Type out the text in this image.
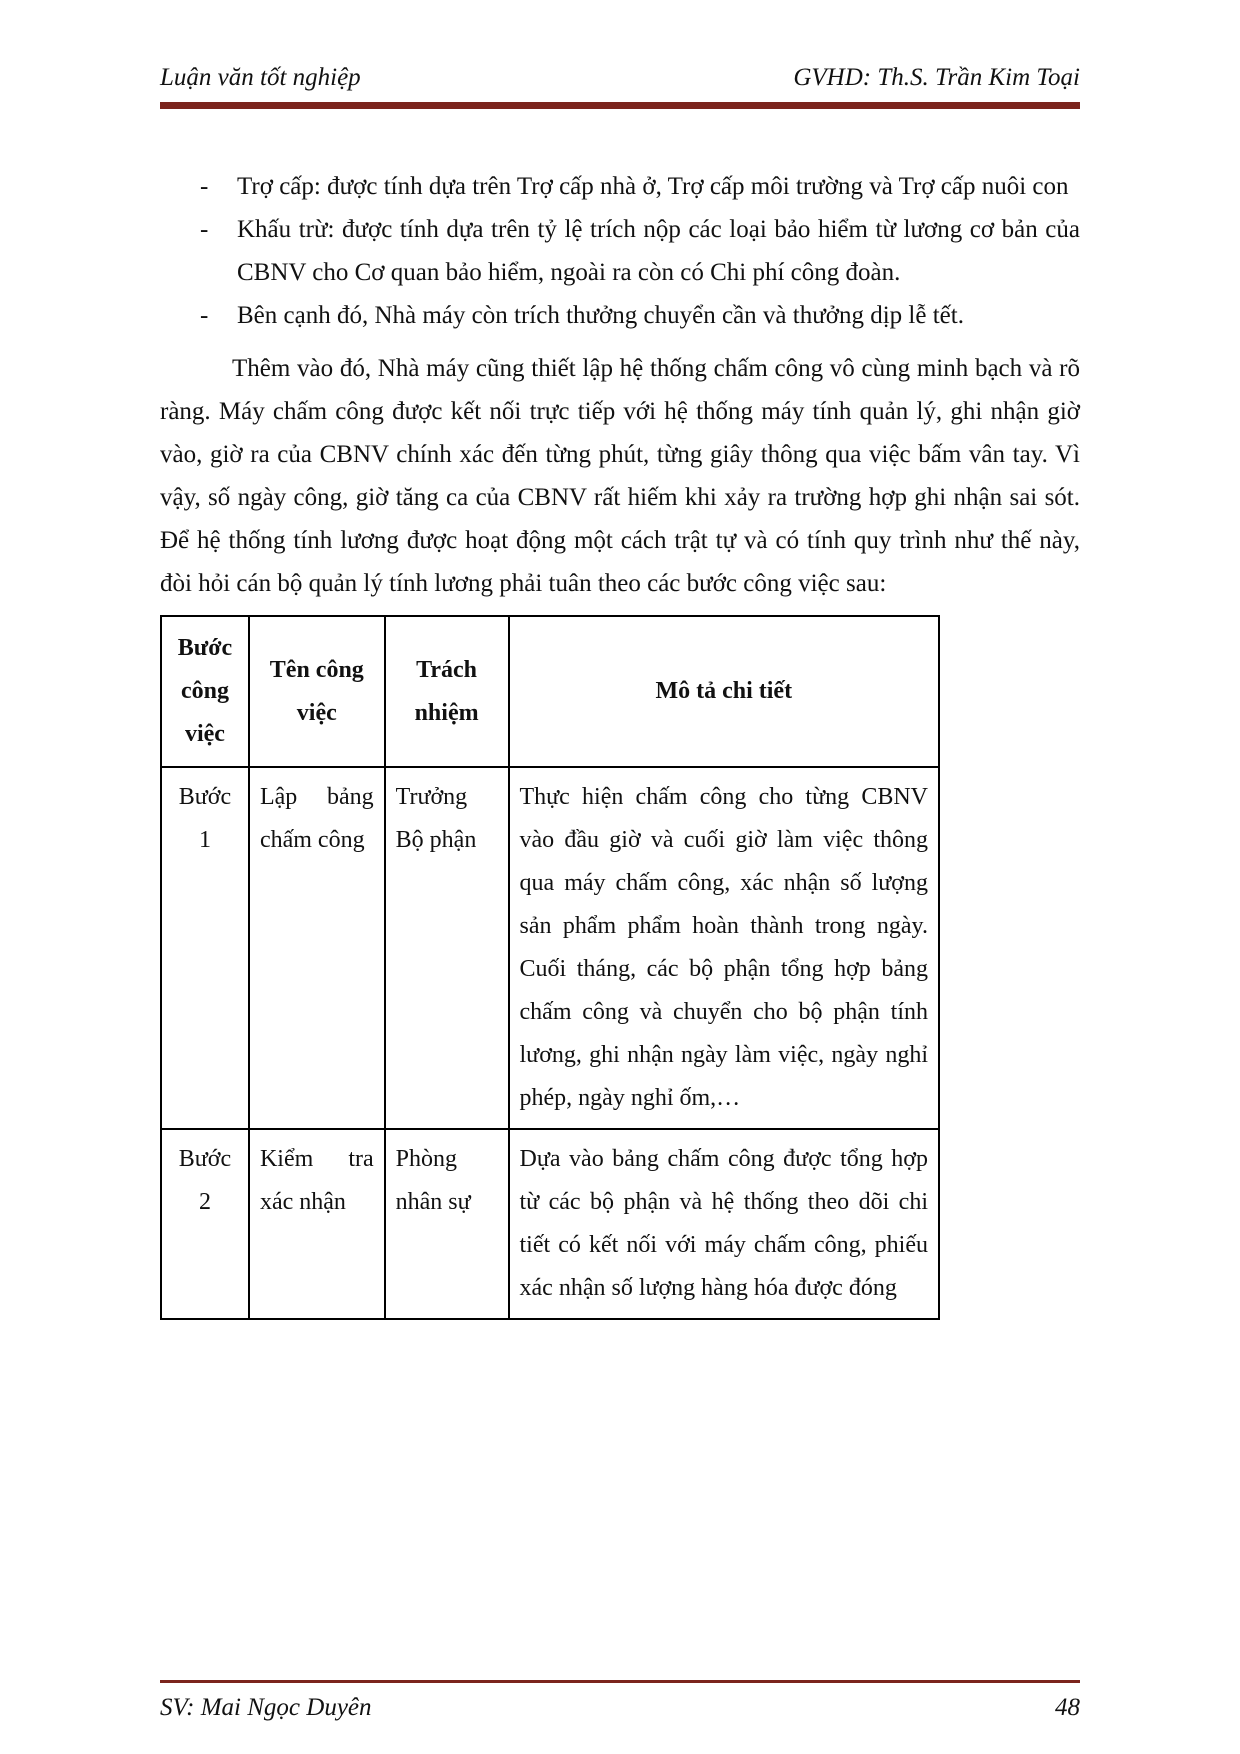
Luận văn tốt nghiệp	GVHD: Th.S. Trần Kim Toại
- Trợ cấp: được tính dựa trên Trợ cấp nhà ở, Trợ cấp môi trường và Trợ cấp nuôi con
- Khấu trừ: được tính dựa trên tỷ lệ trích nộp các loại bảo hiểm từ lương cơ bản của CBNV cho Cơ quan bảo hiểm, ngoài ra còn có Chi phí công đoàn.
- Bên cạnh đó, Nhà máy còn trích thưởng chuyển cần và thưởng dịp lễ tết.

Thêm vào đó, Nhà máy cũng thiết lập hệ thống chấm công vô cùng minh bạch và rõ ràng. Máy chấm công được kết nối trực tiếp với hệ thống máy tính quản lý, ghi nhận giờ vào, giờ ra của CBNV chính xác đến từng phút, từng giây thông qua việc bấm vân tay. Vì vậy, số ngày công, giờ tăng ca của CBNV rất hiếm khi xảy ra trường hợp ghi nhận sai sót. Để hệ thống tính lương được hoạt động một cách trật tự và có tính quy trình như thế này, đòi hỏi cán bộ quản lý tính lương phải tuân theo các bước công việc sau:

Bước công việc	Tên công việc	Trách nhiệm	Mô tả chi tiết
Bước 1	Lập bảng chấm công	Trưởng Bộ phận	Thực hiện chấm công cho từng CBNV vào đầu giờ và cuối giờ làm việc thông qua máy chấm công, xác nhận số lượng sản phẩm phẩm hoàn thành trong ngày. Cuối tháng, các bộ phận tổng hợp bảng chấm công và chuyển cho bộ phận tính lương, ghi nhận ngày làm việc, ngày nghỉ phép, ngày nghỉ ốm,…
Bước 2	Kiểm tra xác nhận	Phòng nhân sự	Dựa vào bảng chấm công được tổng hợp từ các bộ phận và hệ thống theo dõi chi tiết có kết nối với máy chấm công, phiếu xác nhận số lượng hàng hóa được đóng
SV: Mai Ngọc Duyên	48
